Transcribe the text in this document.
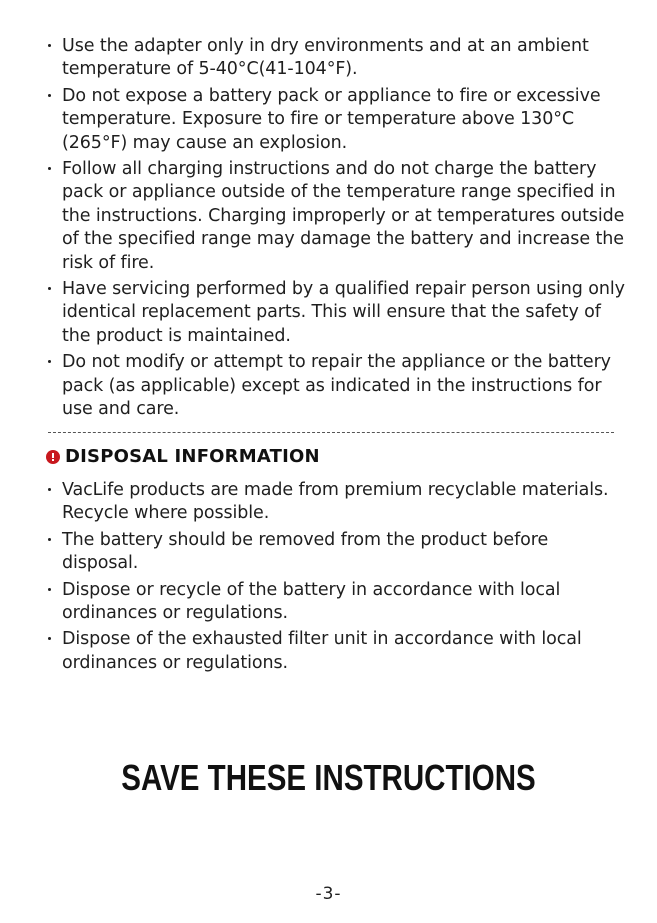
Use the adapter only in dry environments and at an ambient temperature of 5-40°C(41-104°F).
Do not expose a battery pack or appliance to fire or excessive temperature. Exposure to fire or temperature above 130°C (265°F) may cause an explosion.
Follow all charging instructions and do not charge the battery pack or appliance outside of the temperature range specified in the instructions. Charging improperly or at temperatures outside of the specified range may damage the battery and increase the risk of fire.
Have servicing performed by a qualified repair person using only identical replacement parts. This will ensure that the safety of the product is maintained.
Do not modify or attempt to repair the appliance or the battery pack (as applicable) except as indicated in the instructions for use and care.
DISPOSAL INFORMATION
VacLife products are made from premium recyclable materials. Recycle where possible.
The battery should be removed from the product before disposal.
Dispose or recycle of the battery in accordance with local ordinances or regulations.
Dispose of the exhausted filter unit in accordance with local ordinances or regulations.
SAVE THESE INSTRUCTIONS
-3-
